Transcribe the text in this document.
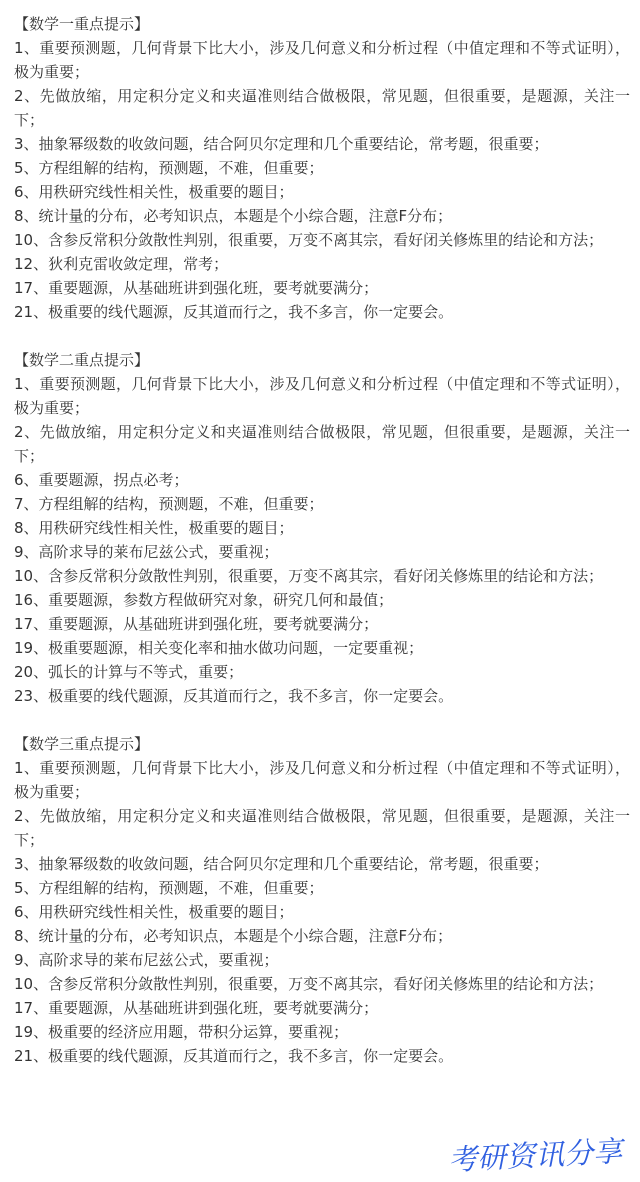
【数学一重点提示】
1、重要预测题，几何背景下比大小，涉及几何意义和分析过程（中值定理和不等式证明），极为重要；
2、先做放缩，用定积分定义和夹逼准则结合做极限，常见题，但很重要，是题源，关注一下；
3、抽象幂级数的收敛问题，结合阿贝尔定理和几个重要结论，常考题，很重要；
5、方程组解的结构，预测题，不难，但重要；
6、用秩研究线性相关性，极重要的题目；
8、统计量的分布，必考知识点，本题是个小综合题，注意F分布；
10、含参反常积分敛散性判别，很重要，万变不离其宗，看好闭关修炼里的结论和方法；
12、狄利克雷收敛定理，常考；
17、重要题源，从基础班讲到强化班，要考就要满分；
21、极重要的线代题源，反其道而行之，我不多言，你一定要会。
【数学二重点提示】
1、重要预测题，几何背景下比大小，涉及几何意义和分析过程（中值定理和不等式证明），极为重要；
2、先做放缩，用定积分定义和夹逼准则结合做极限，常见题，但很重要，是题源，关注一下；
6、重要题源，拐点必考；
7、方程组解的结构，预测题，不难，但重要；
8、用秩研究线性相关性，极重要的题目；
9、高阶求导的莱布尼兹公式，要重视；
10、含参反常积分敛散性判别，很重要，万变不离其宗，看好闭关修炼里的结论和方法；
16、重要题源，参数方程做研究对象，研究几何和最值；
17、重要题源，从基础班讲到强化班，要考就要满分；
19、极重要题源，相关变化率和抽水做功问题，一定要重视；
20、弧长的计算与不等式，重要；
23、极重要的线代题源，反其道而行之，我不多言，你一定要会。
【数学三重点提示】
1、重要预测题，几何背景下比大小，涉及几何意义和分析过程（中值定理和不等式证明），极为重要；
2、先做放缩，用定积分定义和夹逼准则结合做极限，常见题，但很重要，是题源，关注一下；
3、抽象幂级数的收敛问题，结合阿贝尔定理和几个重要结论，常考题，很重要；
5、方程组解的结构，预测题，不难，但重要；
6、用秩研究线性相关性，极重要的题目；
8、统计量的分布，必考知识点，本题是个小综合题，注意F分布；
9、高阶求导的莱布尼兹公式，要重视；
10、含参反常积分敛散性判别，很重要，万变不离其宗，看好闭关修炼里的结论和方法；
17、重要题源，从基础班讲到强化班，要考就要满分；
19、极重要的经济应用题，带积分运算，要重视；
21、极重要的线代题源，反其道而行之，我不多言，你一定要会。
考研资讯分享
